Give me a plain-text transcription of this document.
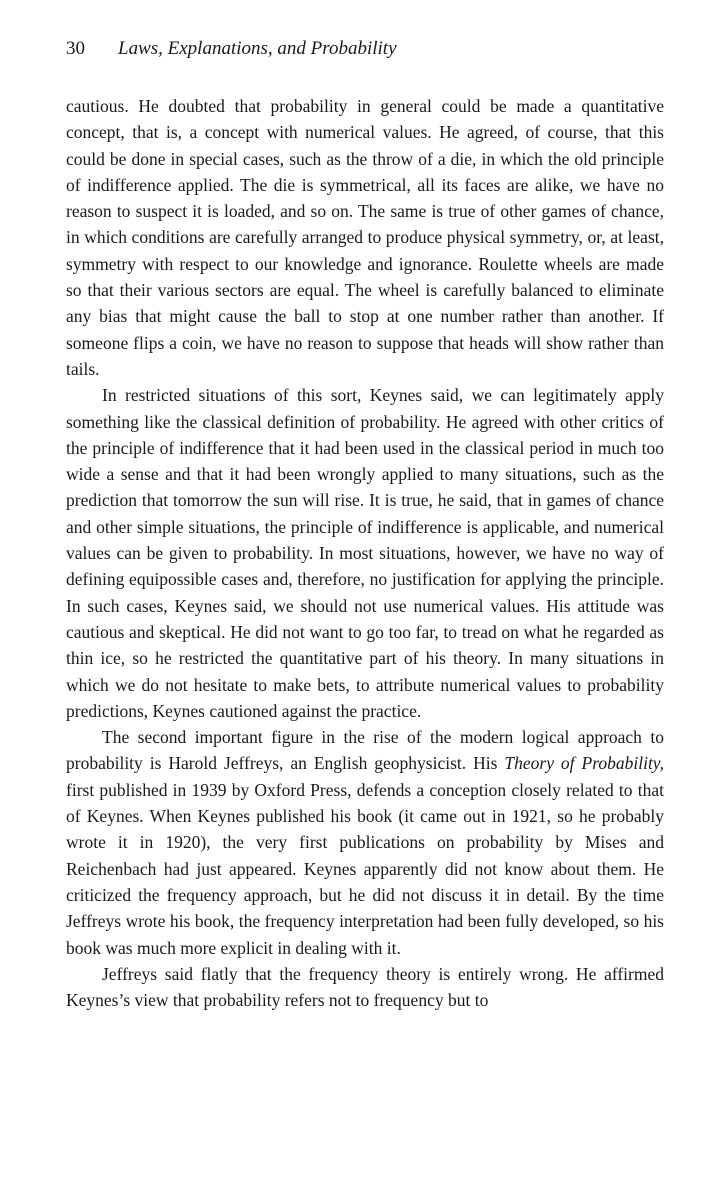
30 Laws, Explanations, and Probability

cautious. He doubted that probability in general could be made a quantitative concept, that is, a concept with numerical values. He agreed, of course, that this could be done in special cases, such as the throw of a die, in which the old principle of indifference applied. The die is symmetrical, all its faces are alike, we have no reason to suspect it is loaded, and so on. The same is true of other games of chance, in which conditions are carefully arranged to produce physical symmetry, or, at least, symmetry with respect to our knowledge and ignorance. Roulette wheels are made so that their various sectors are equal. The wheel is carefully balanced to eliminate any bias that might cause the ball to stop at one number rather than another. If someone flips a coin, we have no reason to suppose that heads will show rather than tails.

In restricted situations of this sort, Keynes said, we can legitimately apply something like the classical definition of probability. He agreed with other critics of the principle of indifference that it had been used in the classical period in much too wide a sense and that it had been wrongly applied to many situations, such as the prediction that tomorrow the sun will rise. It is true, he said, that in games of chance and other simple situations, the principle of indifference is applicable, and numerical values can be given to probability. In most situations, however, we have no way of defining equipossible cases and, therefore, no justification for applying the principle. In such cases, Keynes said, we should not use numerical values. His attitude was cautious and skeptical. He did not want to go too far, to tread on what he regarded as thin ice, so he restricted the quantitative part of his theory. In many situations in which we do not hesitate to make bets, to attribute numerical values to probability predictions, Keynes cautioned against the practice.

The second important figure in the rise of the modern logical approach to probability is Harold Jeffreys, an English geophysicist. His Theory of Probability, first published in 1939 by Oxford Press, defends a conception closely related to that of Keynes. When Keynes published his book (it came out in 1921, so he probably wrote it in 1920), the very first publications on probability by Mises and Reichenbach had just appeared. Keynes apparently did not know about them. He criticized the frequency approach, but he did not discuss it in detail. By the time Jeffreys wrote his book, the frequency interpretation had been fully developed, so his book was much more explicit in dealing with it.

Jeffreys said flatly that the frequency theory is entirely wrong. He affirmed Keynes’s view that probability refers not to frequency but to
